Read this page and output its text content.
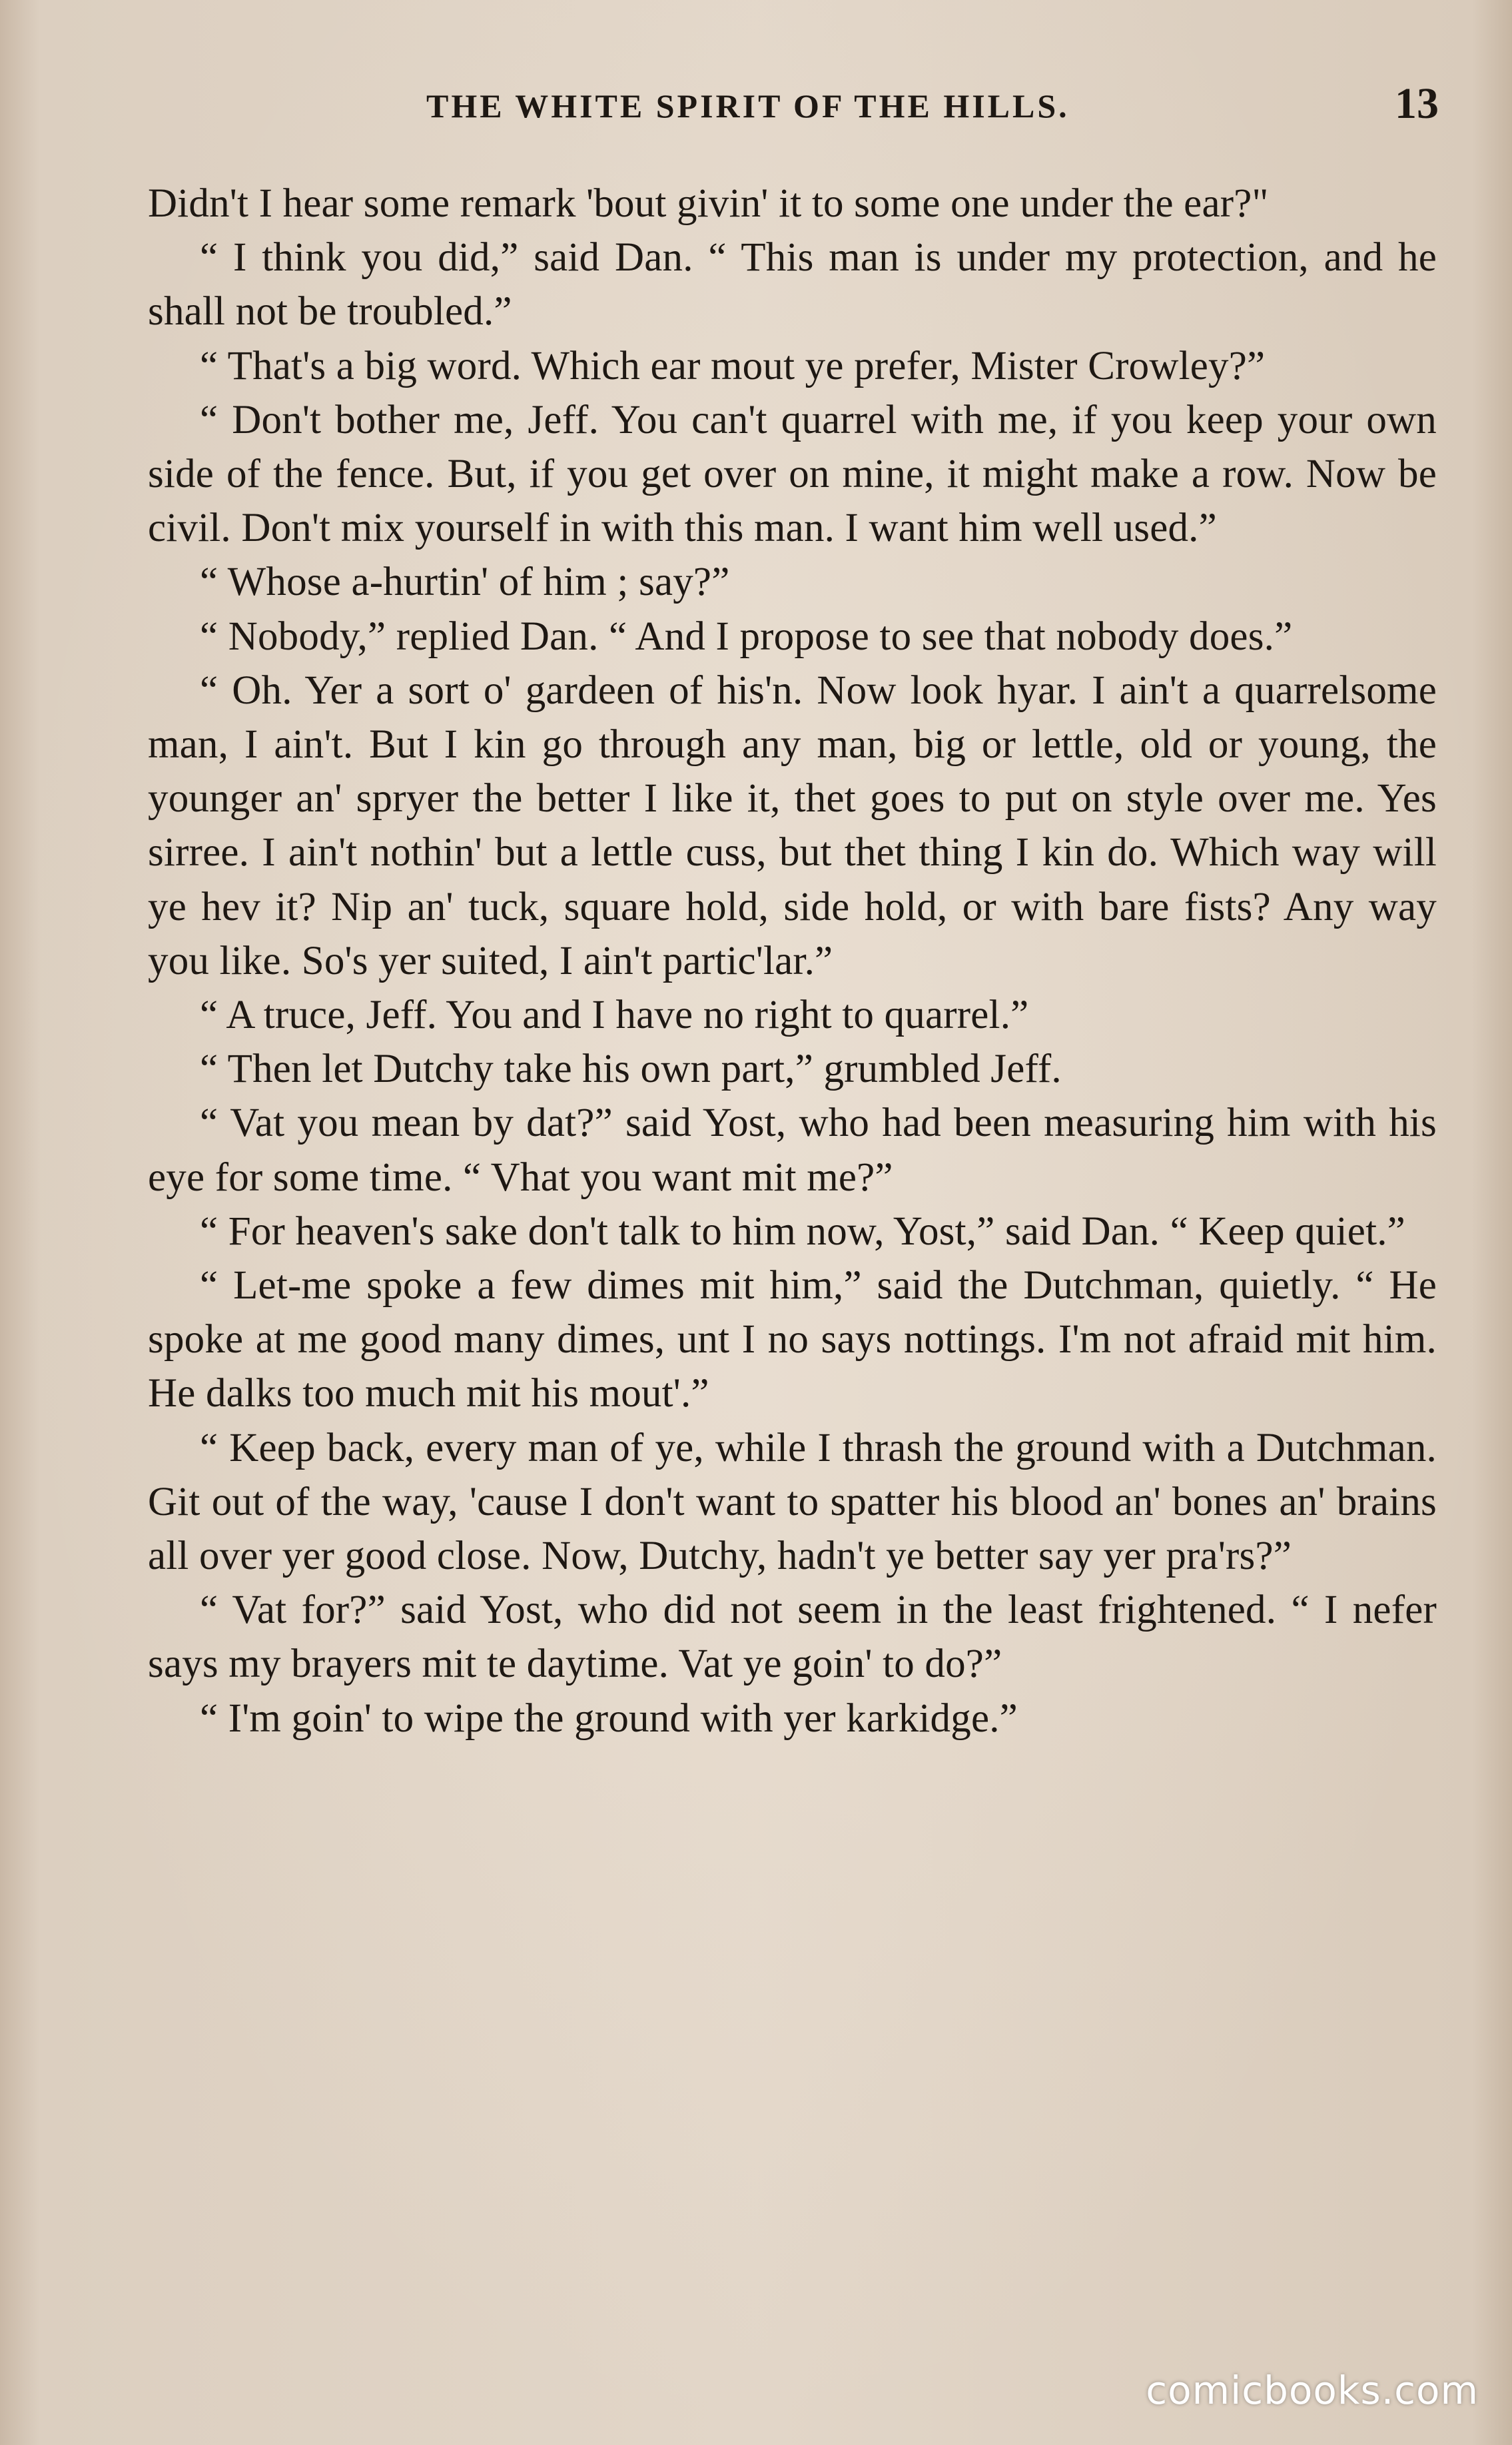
THE WHITE SPIRIT OF THE HILLS.	13

Didn't I hear some remark 'bout givin' it to some one under the ear?"

“ I think you did,” said Dan. “ This man is under my protection, and he shall not be troubled.”

“ That's a big word. Which ear mout ye prefer, Mister Crowley?”

“ Don't bother me, Jeff. You can't quarrel with me, if you keep your own side of the fence. But, if you get over on mine, it might make a row. Now be civil. Don't mix yourself in with this man. I want him well used.”

“ Whose a-hurtin' of him ; say?”

“ Nobody,” replied Dan. “ And I propose to see that nobody does.”

“ Oh. Yer a sort o' gardeen of his'n. Now look hyar. I ain't a quarrelsome man, I ain't. But I kin go through any man, big or lettle, old or young, the younger an' spryer the better I like it, thet goes to put on style over me. Yes sirree. I ain't nothin' but a lettle cuss, but thet thing I kin do. Which way will ye hev it? Nip an' tuck, square hold, side hold, or with bare fists? Any way you like. So's yer suited, I ain't partic'lar.”

“ A truce, Jeff. You and I have no right to quarrel.”

“ Then let Dutchy take his own part,” grumbled Jeff.

“ Vat you mean by dat?” said Yost, who had been measuring him with his eye for some time. “ Vhat you want mit me?”

“ For heaven's sake don't talk to him now, Yost,” said Dan. “ Keep quiet.”

“ Let-me spoke a few dimes mit him,” said the Dutchman, quietly. “ He spoke at me good many dimes, unt I no says nottings. I'm not afraid mit him. He dalks too much mit his mout'.”

“ Keep back, every man of ye, while I thrash the ground with a Dutchman. Git out of the way, 'cause I don't want to spatter his blood an' bones an' brains all over yer good close. Now, Dutchy, hadn't ye better say yer pra'rs?”

“ Vat for?” said Yost, who did not seem in the least frightened. “ I nefer says my brayers mit te daytime. Vat ye goin' to do?”

“ I'm goin' to wipe the ground with yer karkidge.”

comicbooks.com
